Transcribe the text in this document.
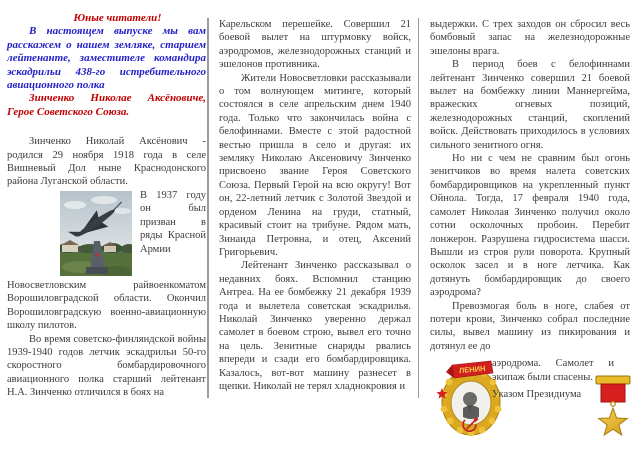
Юные читатели!

В настоящем выпуске мы вам расскажем о нашем земляке, старшем лейтенанте, заместителе командира эскадрильи 438-го истребительного авиационного полка

Зинченко Николае Аксёновиче, Герое Советского Союза.

Зинченко Николай Аксёнович - родился 29 ноября 1918 года в селе Вишневый Дол ныне Краснодонского района Луганской области.

В 1937 году он был призван в ряды Красной Армии Новосветловским райвоенкоматом Ворошиловградской области. Окончил Ворошиловградскую военно-авиационную школу пилотов.

Во время советско-финляндской войны 1939-1940 годов летчик эскадрильи 50-го скоростного бомбардировочного авиационного полка старший лейтенант Н.А. Зинченко отличился в боях на

Карельском перешейке. Совершил 21 боевой вылет на штурмовку войск, аэродромов, железнодорожных станций и эшелонов противника.

Жители Новосветловки рассказывали о том волнующем митинге, который состоялся в селе апрельским днем 1940 года. Только что закончилась война с белофиннами. Вместе с этой радостной вестью пришла в село и другая: их земляку Николаю Аксеновичу Зинченко присвоено звание Героя Советского Союза. Первый Герой на всю округу! Вот он, 22-летний летчик с Золотой Звездой и орденом Ленина на груди, статный, красивый стоит на трибуне. Рядом мать, Зинаида Петровна, и отец, Аксений Григорьевич.

Лейтенант Зинченко рассказывал о недавних боях. Вспомнил станцию Антреа. На ее бомбежку 21 декабря 1939 года и вылетела советская эскадрилья. Николай Зинченко уверенно держал самолет в боевом строю, вывел его точно на цель. Зенитные снаряды рвались впереди и сзади его бомбардировщика. Казалось, вот-вот машину разнесет в щепки. Николай не терял хладнокровия и

выдержки. С трех заходов он сбросил весь бомбовый запас на железнодорожные эшелоны врага.

В период боев с белофиннами лейтенант Зинченко совершил 21 боевой вылет на бомбежку линии Маннергейма, вражеских огневых позиций, железнодорожных станций, скоплений войск. Действовать приходилось в условиях сильного зенитного огня.

Но ни с чем не сравним был огонь зенитчиков во время налета советских бомбардировщиков на укрепленный пункт Ойнола. Тогда, 17 февраля 1940 года, самолет Николая Зинченко получил около сотни осколочных пробоин. Перебит лонжерон. Разрушена гидросистема шасси. Вышли из строя рули поворота. Крупный осколок засел и в ноге летчика. Как дотянуть бомбардировщик до своего аэродрома?

Превозмогая боль в ноге, слабея от потери крови, Зинченко собрал последние силы, вывел машину из пикирования и дотянул ее до

ЛЕНИН

аэродрома. Самолет и экипаж были спасены.

Указом Президиума
